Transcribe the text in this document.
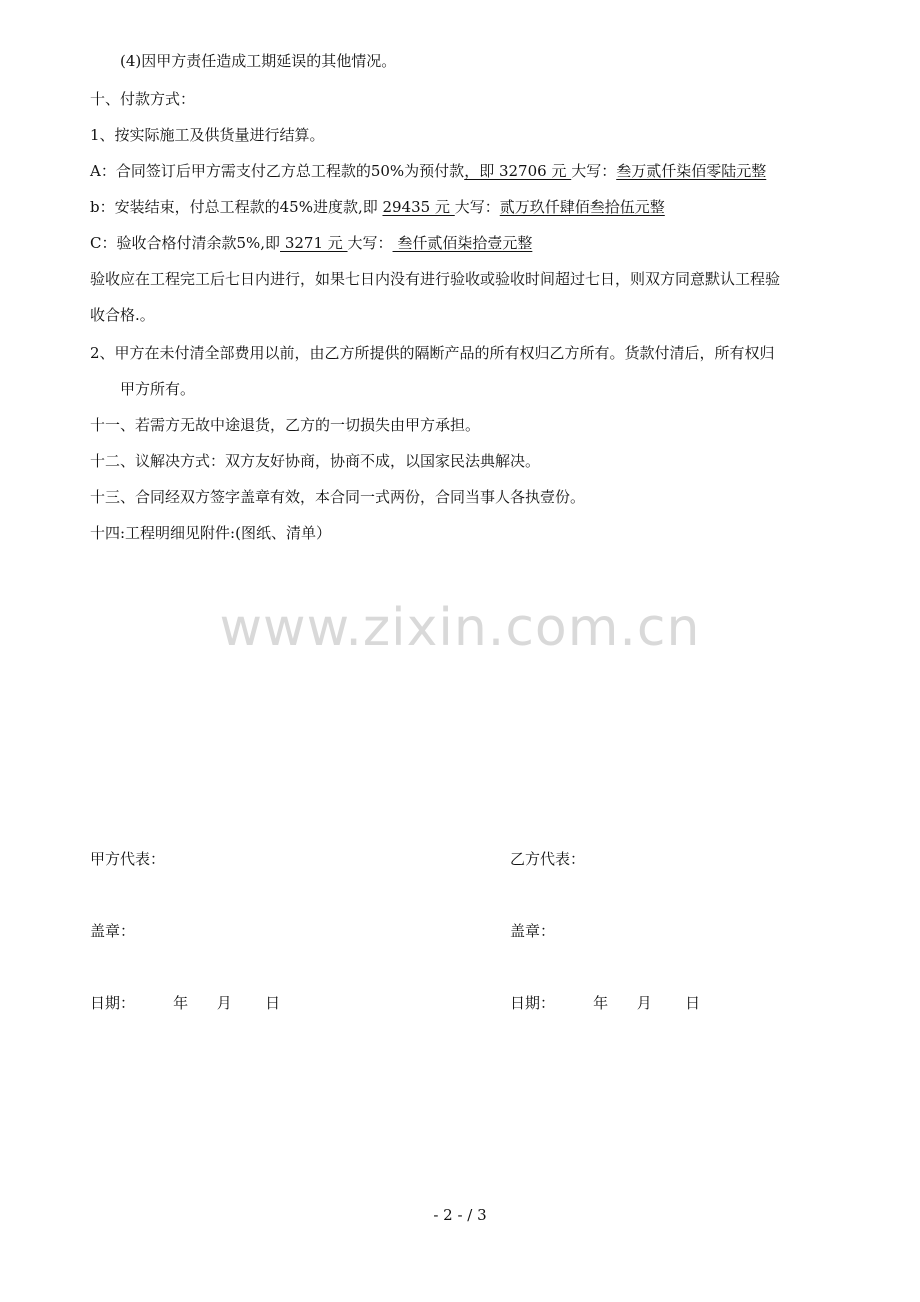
(4)因甲方责任造成工期延误的其他情况。
十、付款方式：
1、按实际施工及供货量进行结算。
A：合同签订后甲方需支付乙方总工程款的50%为预付款，即 32706 元 大写：叁万贰仟柒佰零陆元整
b：安装结束，付总工程款的45%进度款,即 29435 元 大写：贰万玖仟肆佰叁拾伍元整
C：验收合格付清余款5%,即 3271 元 大写： 叁仟贰佰柒拾壹元整
验收应在工程完工后七日内进行，如果七日内没有进行验收或验收时间超过七日，则双方同意默认工程验
收合格.。
2、甲方在未付清全部费用以前，由乙方所提供的隔断产品的所有权归乙方所有。货款付清后，所有权归
甲方所有。
十一、若需方无故中途退货，乙方的一切损失由甲方承担。
十二、议解决方式：双方友好协商，协商不成，以国家民法典解决。
十三、合同经双方签字盖章有效，本合同一式两份，合同当事人各执壹份。
十四:工程明细见附件:(图纸、清单）
www.zixin.com.cn
甲方代表：	乙方代表：
盖章：	盖章：
日期：        年      月       日	日期：        年      月       日
- 2 - / 3
